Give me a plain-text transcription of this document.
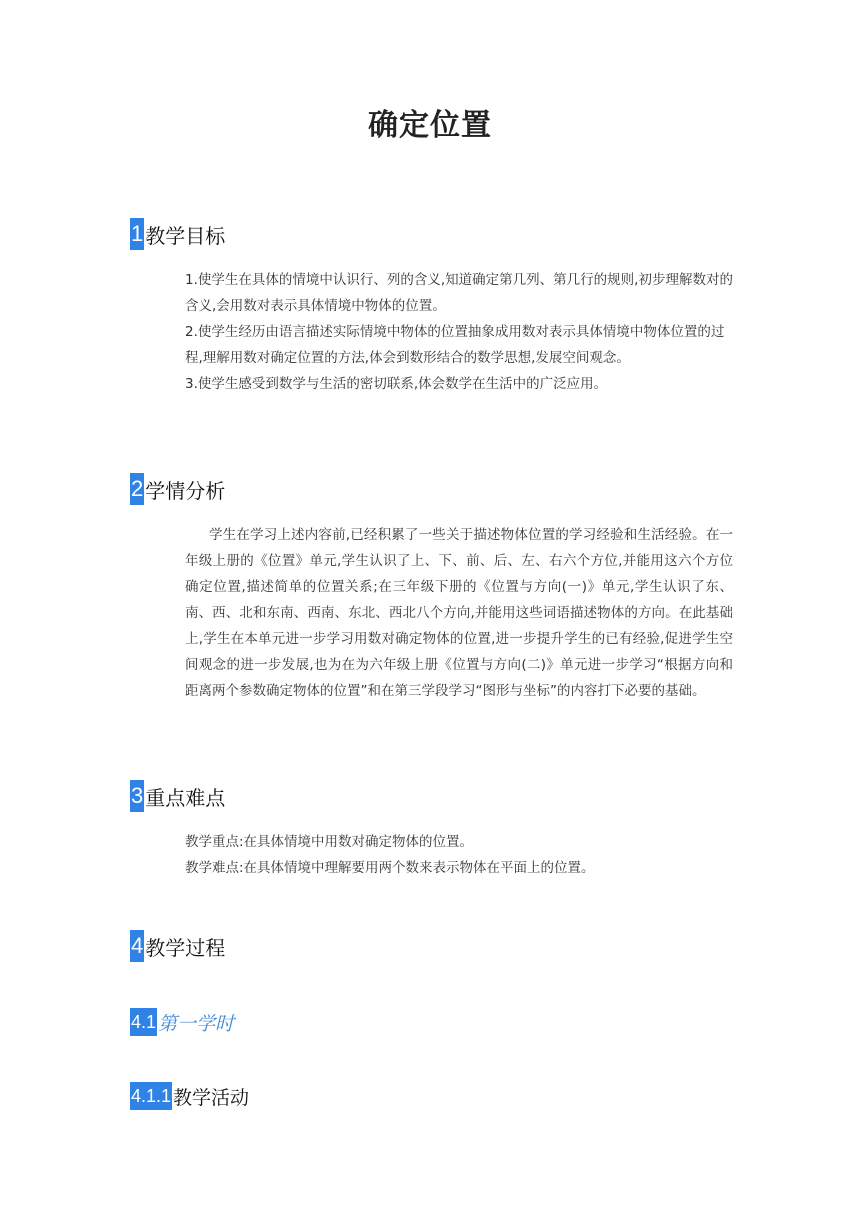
确定位置
1 教学目标

1.使学生在具体的情境中认识行、列的含义,知道确定第几列、第几行的规则,初步理解数对的含义,会用数对表示具体情境中物体的位置。

2.使学生经历由语言描述实际情境中物体的位置抽象成用数对表示具体情境中物体位置的过程,理解用数对确定位置的方法,体会到数形结合的数学思想,发展空间观念。

3.使学生感受到数学与生活的密切联系,体会数学在生活中的广泛应用。

2 学情分析

学生在学习上述内容前,已经积累了一些关于描述物体位置的学习经验和生活经验。在一年级上册的《位置》单元,学生认识了上、下、前、后、左、右六个方位,并能用这六个方位确定位置,描述简单的位置关系;在三年级下册的《位置与方向(一)》单元,学生认识了东、南、西、北和东南、西南、东北、西北八个方向,并能用这些词语描述物体的方向。在此基础上,学生在本单元进一步学习用数对确定物体的位置,进一步提升学生的已有经验,促进学生空间观念的进一步发展,也为在为六年级上册《位置与方向(二)》单元进一步学习“根据方向和距离两个参数确定物体的位置”和在第三学段学习“图形与坐标”的内容打下必要的基础。

3 重点难点

教学重点:在具体情境中用数对确定物体的位置。

教学难点:在具体情境中理解要用两个数来表示物体在平面上的位置。

4 教学过程
4.1 第一学时
4.1.1 教学活动
